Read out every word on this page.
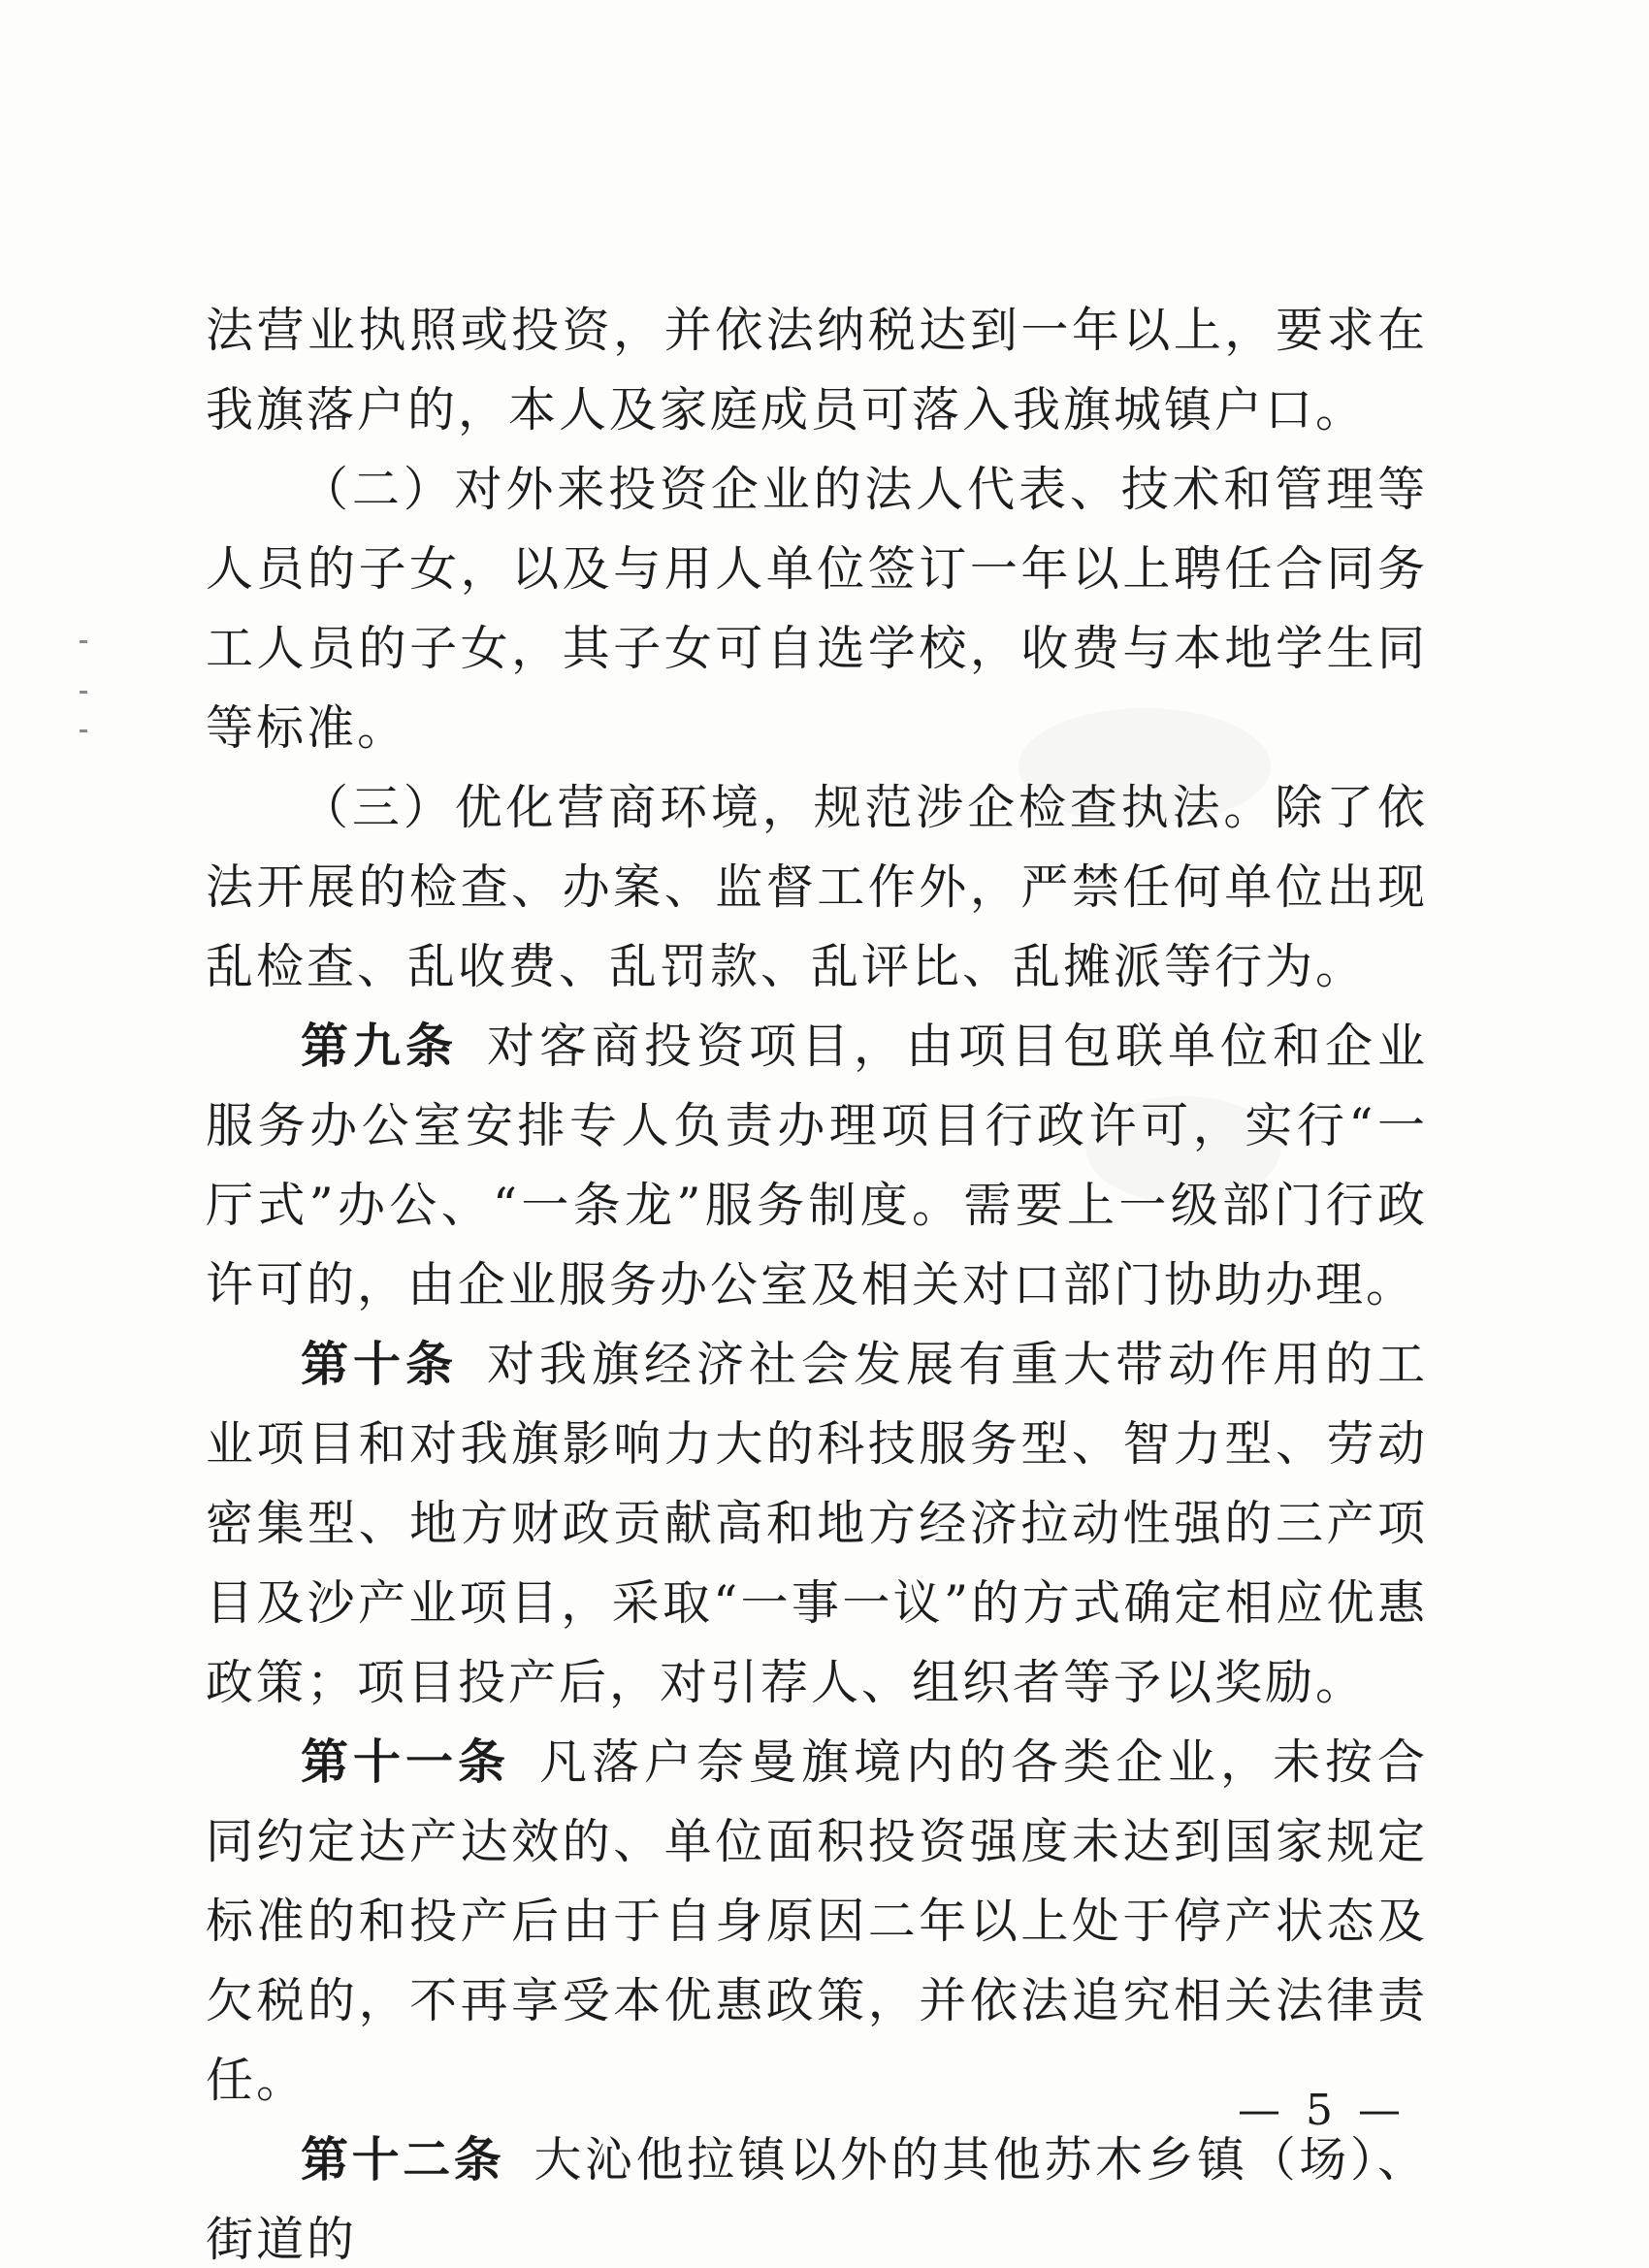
法营业执照或投资，并依法纳税达到一年以上，要求在我旗落户的，本人及家庭成员可落入我旗城镇户口。

（二）对外来投资企业的法人代表、技术和管理等人员的子女，以及与用人单位签订一年以上聘任合同务工人员的子女，其子女可自选学校，收费与本地学生同等标准。

（三）优化营商环境，规范涉企检查执法。除了依法开展的检查、办案、监督工作外，严禁任何单位出现乱检查、乱收费、乱罚款、乱评比、乱摊派等行为。

第九条 对客商投资项目，由项目包联单位和企业服务办公室安排专人负责办理项目行政许可，实行“一厅式”办公、“一条龙”服务制度。需要上一级部门行政许可的，由企业服务办公室及相关对口部门协助办理。

第十条 对我旗经济社会发展有重大带动作用的工业项目和对我旗影响力大的科技服务型、智力型、劳动密集型、地方财政贡献高和地方经济拉动性强的三产项目及沙产业项目，采取“一事一议”的方式确定相应优惠政策；项目投产后，对引荐人、组织者等予以奖励。

第十一条 凡落户奈曼旗境内的各类企业，未按合同约定达产达效的、单位面积投资强度未达到国家规定标准的和投产后由于自身原因二年以上处于停产状态及欠税的，不再享受本优惠政策，并依法追究相关法律责任。

第十二条 大沁他拉镇以外的其他苏木乡镇（场）、街道的

— 5 —
